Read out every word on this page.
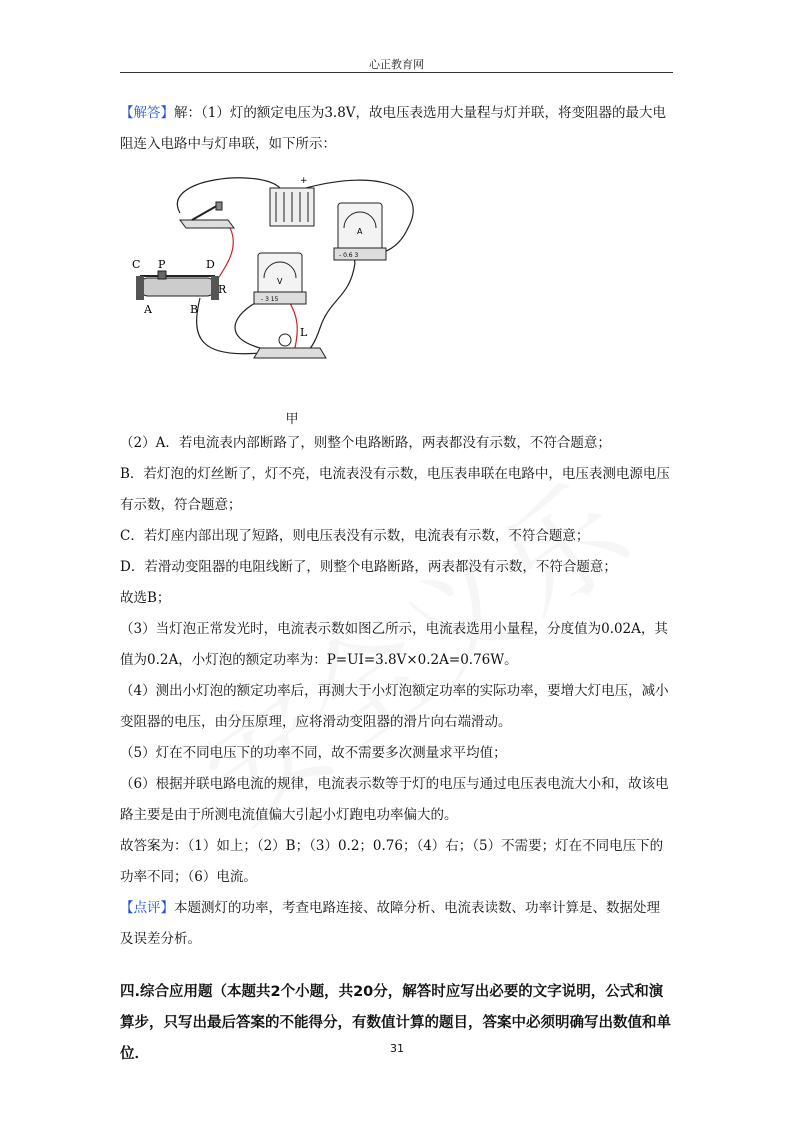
心正教育网

【解答】解：（1）灯的额定电压为3.8V，故电压表选用大量程与灯并联，将变阻器的最大电阻连入电路中与灯串联，如下所示：

+
A
- 0.6 3
V
- 3 15
C P	D
A	B
R
L
甲

（2）A．若电流表内部断路了，则整个电路断路，两表都没有示数，不符合题意；

B．若灯泡的灯丝断了，灯不亮，电流表没有示数，电压表串联在电路中，电压表测电源电压有示数，符合题意；

C．若灯座内部出现了短路，则电压表没有示数，电流表有示数，不符合题意；

D．若滑动变阻器的电阻线断了，则整个电路断路，两表都没有示数，不符合题意；

故选B；

（3）当灯泡正常发光时，电流表示数如图乙所示，电流表选用小量程，分度值为0.02A，其值为0.2A，小灯泡的额定功率为：P=UI=3.8V×0.2A=0.76W。

（4）测出小灯泡的额定功率后，再测大于小灯泡额定功率的实际功率，要增大灯电压，减小变阻器的电压，由分压原理，应将滑动变阻器的滑片向右端滑动。

（5）灯在不同电压下的功率不同，故不需要多次测量求平均值；

（6）根据并联电路电流的规律，电流表示数等于灯的电压与通过电压表电流大小和，故该电路主要是由于所测电流值偏大引起小灯跑电功率偏大的。

故答案为：（1）如上；（2）B；（3）0.2；0.76；（4）右；（5）不需要；灯在不同电压下的功率不同；（6）电流。

【点评】本题测灯的功率，考查电路连接、故障分析、电流表读数、功率计算是、数据处理及误差分析。

四.综合应用题（本题共2个小题，共20分，解答时应写出必要的文字说明，公式和演算步，只写出最后答案的不能得分，有数值计算的题目，答案中必须明确写出数值和单位．	31
